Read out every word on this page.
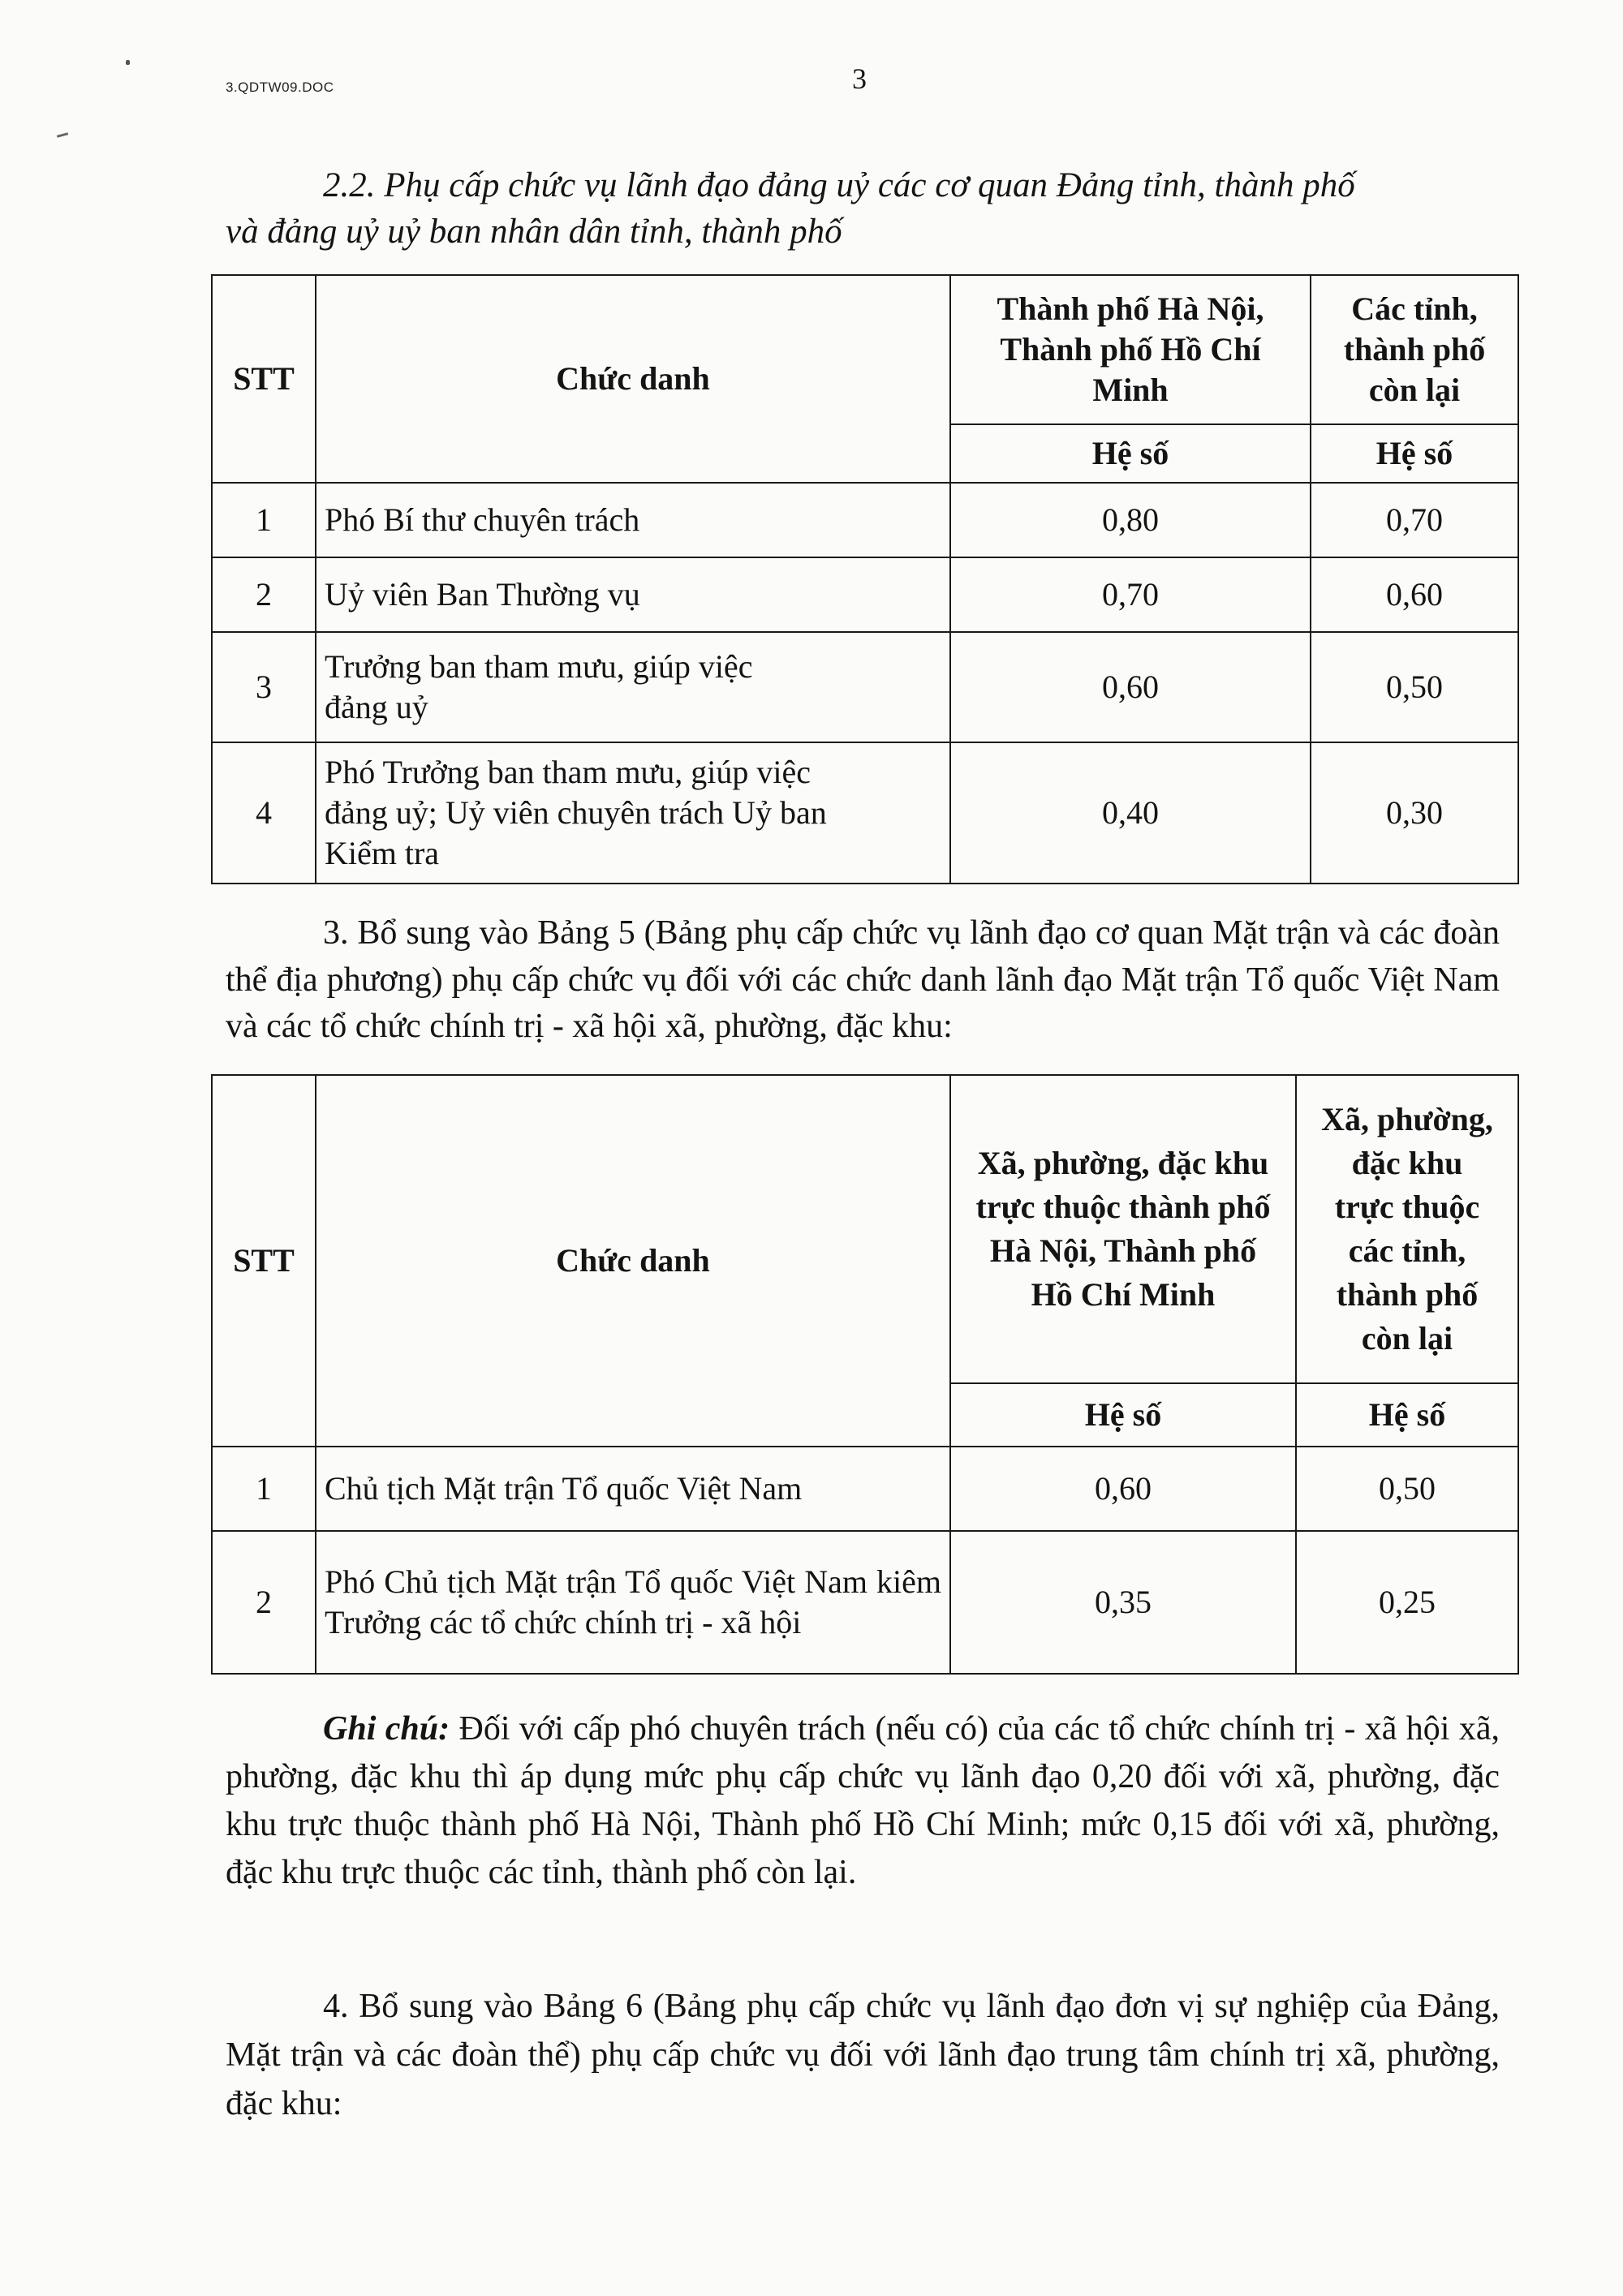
3.QDTW09.DOC	3
2.2. Phụ cấp chức vụ lãnh đạo đảng uỷ các cơ quan Đảng tỉnh, thành phố
và đảng uỷ uỷ ban nhân dân tỉnh, thành phố
STT	Chức danh	Thành phố Hà Nội, Thành phố Hồ Chí Minh	Các tỉnh, thành phố còn lại
		Hệ số	Hệ số
1	Phó Bí thư chuyên trách	0,80	0,70
2	Uỷ viên Ban Thường vụ	0,70	0,60
3	Trưởng ban tham mưu, giúp việc đảng uỷ	0,60	0,50
4	Phó Trưởng ban tham mưu, giúp việc đảng uỷ; Uỷ viên chuyên trách Uỷ ban Kiểm tra	0,40	0,30
3. Bổ sung vào Bảng 5 (Bảng phụ cấp chức vụ lãnh đạo cơ quan Mặt trận và các đoàn thể địa phương) phụ cấp chức vụ đối với các chức danh lãnh đạo Mặt trận Tổ quốc Việt Nam và các tổ chức chính trị - xã hội xã, phường, đặc khu:
STT	Chức danh	Xã, phường, đặc khu trực thuộc thành phố Hà Nội, Thành phố Hồ Chí Minh	Xã, phường, đặc khu trực thuộc các tỉnh, thành phố còn lại
		Hệ số	Hệ số
1	Chủ tịch Mặt trận Tổ quốc Việt Nam	0,60	0,50
2	Phó Chủ tịch Mặt trận Tổ quốc Việt Nam kiêm Trưởng các tổ chức chính trị - xã hội	0,35	0,25
Ghi chú: Đối với cấp phó chuyên trách (nếu có) của các tổ chức chính trị - xã hội xã, phường, đặc khu thì áp dụng mức phụ cấp chức vụ lãnh đạo 0,20 đối với xã, phường, đặc khu trực thuộc thành phố Hà Nội, Thành phố Hồ Chí Minh; mức 0,15 đối với xã, phường, đặc khu trực thuộc các tỉnh, thành phố còn lại.
4. Bổ sung vào Bảng 6 (Bảng phụ cấp chức vụ lãnh đạo đơn vị sự nghiệp của Đảng, Mặt trận và các đoàn thể) phụ cấp chức vụ đối với lãnh đạo trung tâm chính trị xã, phường, đặc khu:
